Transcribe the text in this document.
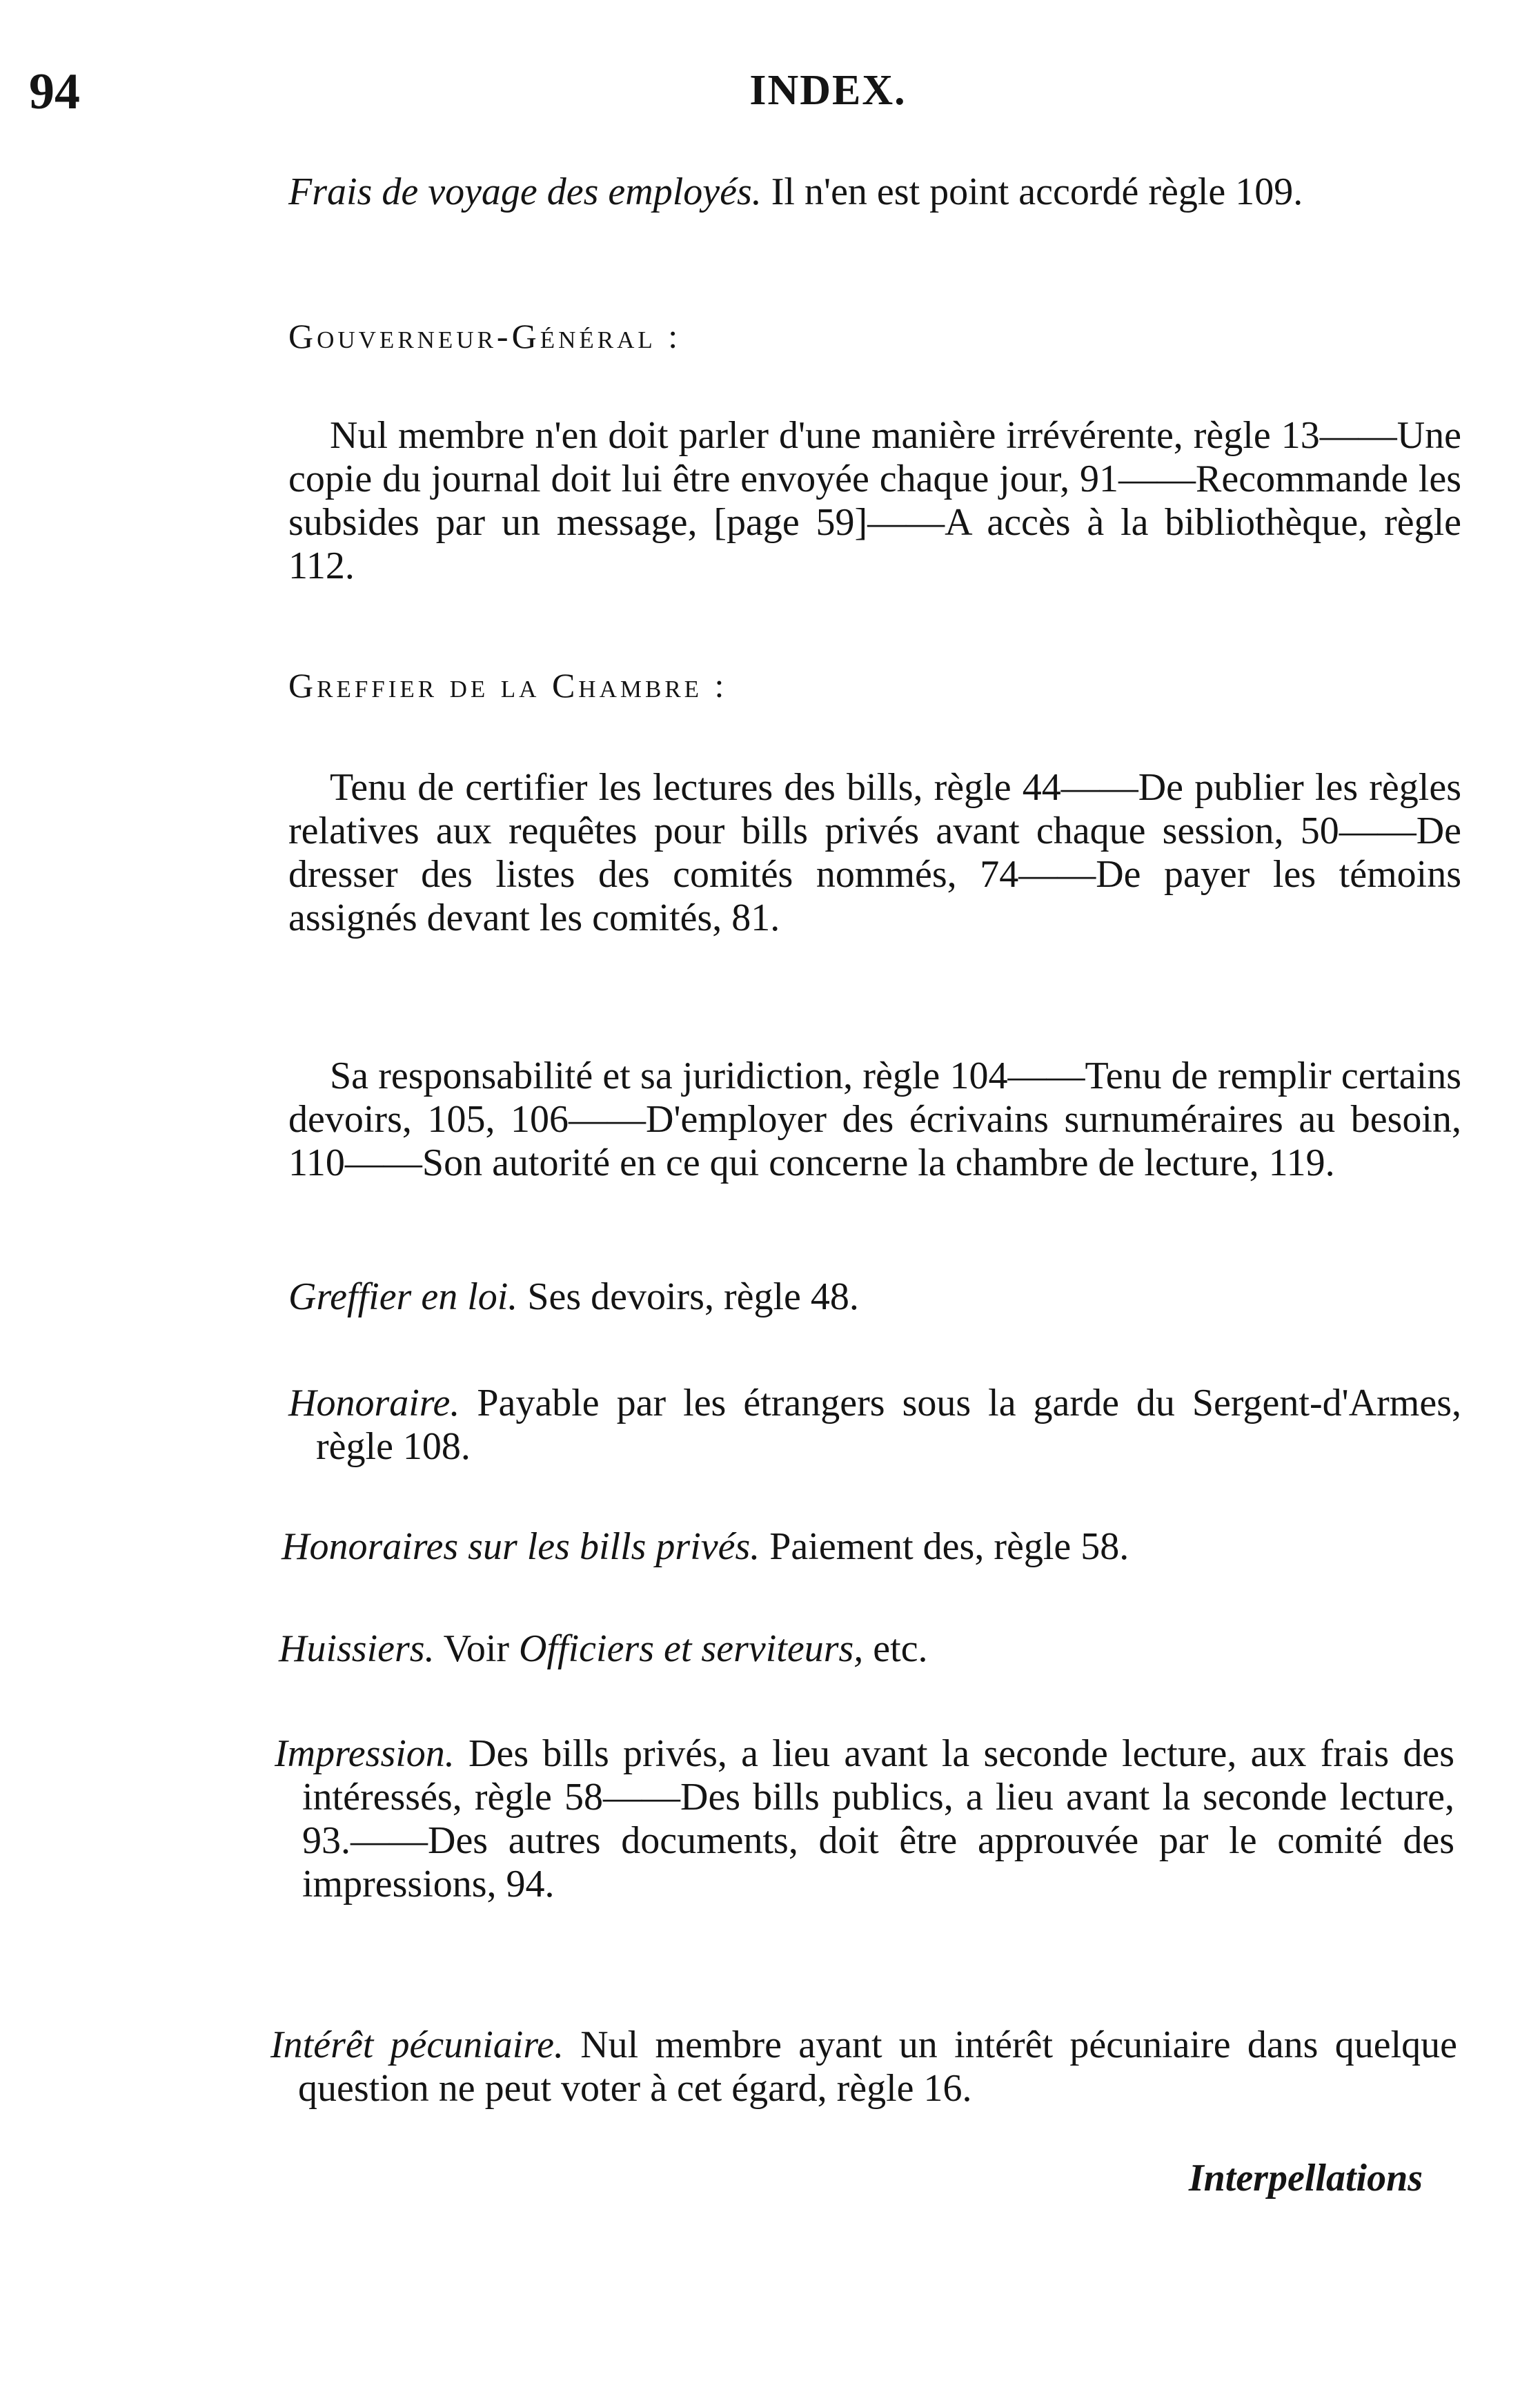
94	INDEX.
Frais de voyage des employés. Il n'en est point accordé règle 109.
Gouverneur-Général :

Nul membre n'en doit parler d'une manière irrévérente, règle 13——Une copie du journal doit lui être envoyée chaque jour, 91——Recommande les subsides par un message, [page 59]——A accès à la bibliothèque, règle 112.

Greffier de la Chambre :

Tenu de certifier les lectures des bills, règle 44——De publier les règles relatives aux requêtes pour bills privés avant chaque session, 50——De dresser des listes des comités nommés, 74——De payer les témoins assignés devant les comités, 81.

Sa responsabilité et sa juridiction, règle 104——Tenu de remplir certains devoirs, 105, 106——D'employer des écrivains surnuméraires au besoin, 110——Son autorité en ce qui concerne la chambre de lecture, 119.

Greffier en loi. Ses devoirs, règle 48.
Honoraire. Payable par les étrangers sous la garde du Sergent-d'Armes, règle 108.
Honoraires sur les bills privés. Paiement des, règle 58.
Huissiers. Voir Officiers et serviteurs, etc.
Impression. Des bills privés, a lieu avant la seconde lecture, aux frais des intéressés, règle 58——Des bills publics, a lieu avant la seconde lecture, 93.——Des autres documents, doit être approuvée par le comité des impressions, 94.
Intérêt pécuniaire. Nul membre ayant un intérêt pécuniaire dans quelque question ne peut voter à cet égard, règle 16.
Interpellations
